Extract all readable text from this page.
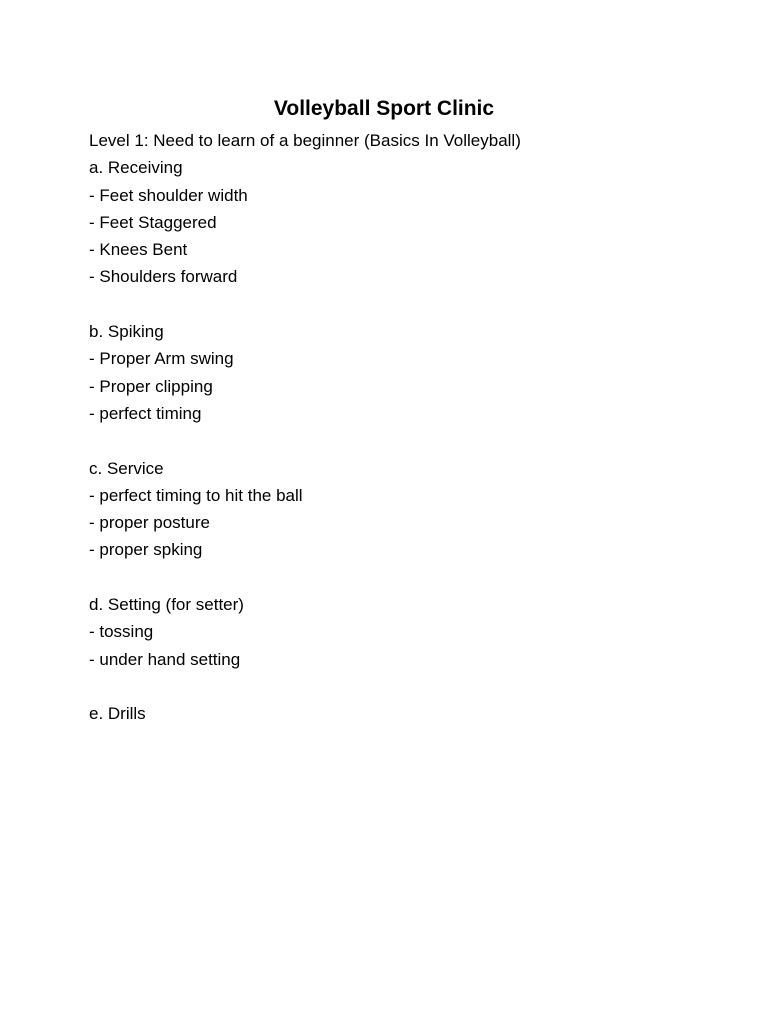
Volleyball Sport Clinic
Level 1: Need to learn of a beginner (Basics In Volleyball)
a. Receiving
- Feet shoulder width
- Feet Staggered
- Knees Bent
- Shoulders forward
b. Spiking
- Proper Arm swing
- Proper clipping
- perfect timing
c. Service
- perfect timing to hit the ball
- proper posture
- proper spking
d. Setting (for setter)
- tossing
- under hand setting
e. Drills
